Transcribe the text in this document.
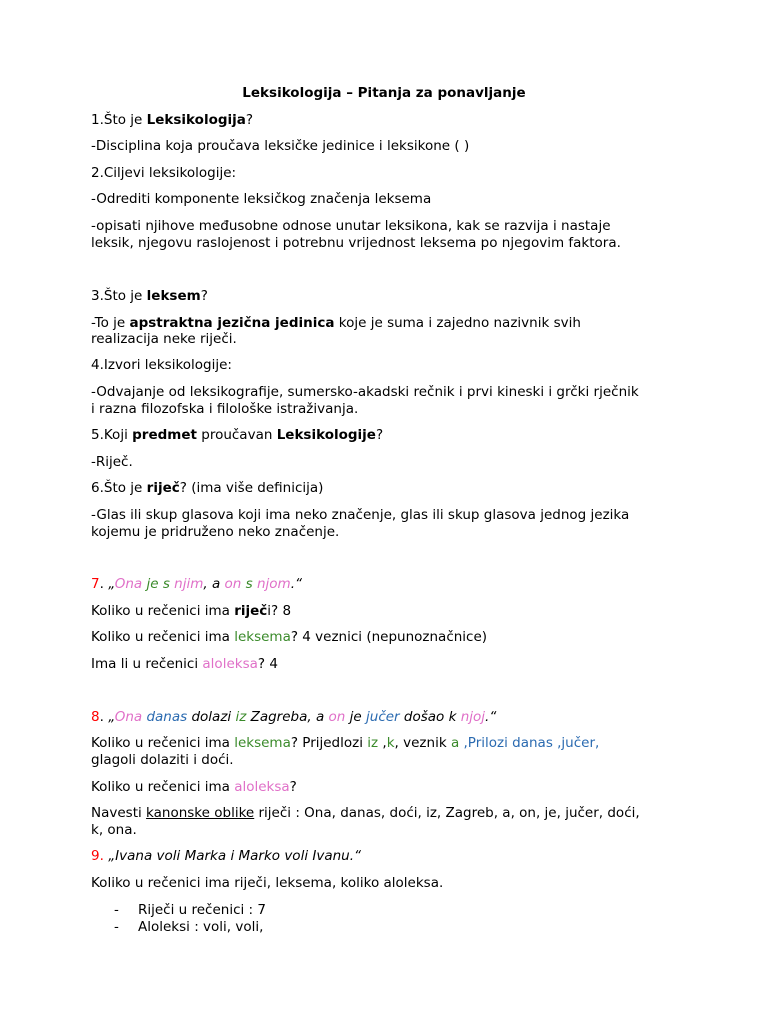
Leksikologija – Pitanja za ponavljanje
1.Što je Leksikologija?
-Disciplina koja proučava leksičke jedinice i leksikone ( )
2.Ciljevi leksikologije:
-Odrediti komponente leksičkog značenja leksema
-opisati njihove međusobne odnose unutar leksikona, kak se razvija i nastaje
leksik, njegovu raslojenost i potrebnu vrijednost leksema po njegovim faktora.
3.Što je leksem?
-To je apstraktna jezična jedinica koje je suma i zajedno nazivnik svih
realizacija neke riječi.
4.Izvori leksikologije:
-Odvajanje od leksikografije, sumersko-akadski rečnik i prvi kineski i grčki rječnik
i razna filozofska i filološke istraživanja.
5.Koji predmet proučavan Leksikologije?
-Riječ.
6.Što je riječ? (ima više definicija)
-Glas ili skup glasova koji ima neko značenje, glas ili skup glasova jednog jezika
kojemu je pridruženo neko značenje.
7. „Ona je s njim, a on s njom.“
Koliko u rečenici ima riječi? 8
Koliko u rečenici ima leksema? 4 veznici (nepunoznačnice)
Ima li u rečenici aloleksa? 4
8. „Ona danas dolazi iz Zagreba, a on je jučer došao k njoj.“
Koliko u rečenici ima leksema? Prijedlozi iz ,k, veznik a ,Prilozi danas ,jučer,
glagoli dolaziti i doći.
Koliko u rečenici ima aloleksa?
Navesti kanonske oblike riječi : Ona, danas, doći, iz, Zagreb, a, on, je, jučer, doći,
k, ona.
9. „Ivana voli Marka i Marko voli Ivanu.“
Koliko u rečenici ima riječi, leksema, koliko aloleksa.
- Riječi u rečenici : 7
- Aloleksi : voli, voli,
